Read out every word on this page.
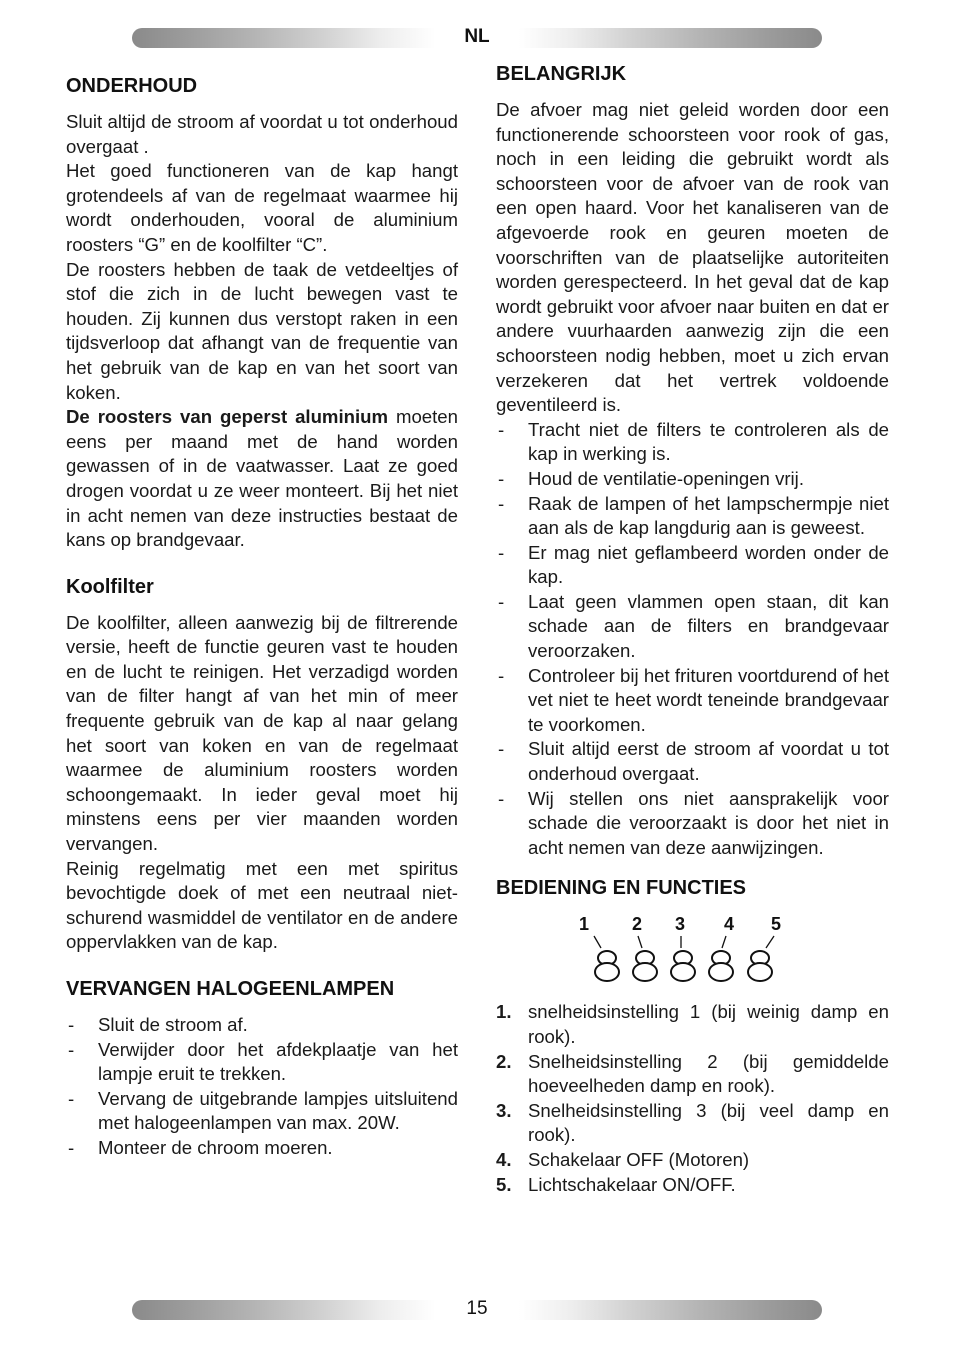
NL
15
ONDERHOUD

Sluit altijd de stroom af voordat u tot onderhoud overgaat .

Het goed functioneren van de kap hangt grotendeels af van de regelmaat waarmee hij wordt onderhouden, vooral de aluminium roosters “G” en de koolfilter “C”.

De roosters hebben de taak de vetdeeltjes of stof die zich in de lucht bewegen vast te houden. Zij kunnen dus verstopt raken in een tijdsverloop dat afhangt van de frequentie van het gebruik van de kap en van het soort van koken.

De roosters van geperst aluminium moeten eens per maand met de hand worden gewassen of in de vaatwasser. Laat ze goed drogen voordat u ze weer monteert. Bij het niet in acht nemen van deze instructies bestaat de kans op brandgevaar.

Koolfilter

De koolfilter, alleen aanwezig bij de filtrerende versie, heeft de functie geuren vast te houden en de lucht te reinigen. Het verzadigd worden van de filter hangt af van het min of meer frequente gebruik van de kap al naar gelang het soort van koken en van de regelmaat waarmee de aluminium roosters worden schoongemaakt. In ieder geval moet hij minstens eens per vier maanden worden vervangen.

Reinig regelmatig met een met spiritus bevochtigde doek of met een neutraal niet-schurend wasmiddel de ventilator en de andere oppervlakken van de kap.

VERVANGEN HALOGEENLAMPEN
- Sluit de stroom af.
- Verwijder door het afdekplaatje van het lampje eruit te trekken.
- Vervang de uitgebrande lampjes uitsluitend met halogeenlampen van max. 20W.
- Monteer de chroom moeren.
BELANGRIJK

De afvoer mag niet geleid worden door een functionerende schoorsteen voor rook of gas, noch in een leiding die gebruikt wordt als schoorsteen voor de afvoer van de rook van een open haard. Voor het kanaliseren van de afgevoerde rook en geuren moeten de voorschriften van de plaatselijke autoriteiten worden gerespecteerd. In het geval dat de kap wordt gebruikt voor afvoer naar buiten en dat er andere vuurhaarden aanwezig zijn die een schoorsteen nodig hebben, moet u zich ervan verzekeren dat het vertrek voldoende geventileerd is.

- Tracht niet de filters te controleren als de kap in werking is.
- Houd de ventilatie-openingen vrij.
- Raak de lampen of het lampschermpje niet aan als de kap langdurig aan is geweest.
- Er mag niet geflambeerd worden onder de kap.
- Laat geen vlammen open staan, dit kan schade aan de filters en brandgevaar veroorzaken.
- Controleer bij het frituren voortdurend of het vet niet te heet wordt teneinde brandgevaar te voorkomen.
- Sluit altijd eerst de stroom af voordat u tot onderhoud overgaat.
- Wij stellen ons niet aansprakelijk voor schade die veroorzaakt is door het niet in acht nemen van deze aanwijzingen.
BEDIENING EN FUNCTIES
1 2 3 4 5
1. snelheidsinstelling 1 (bij weinig damp en rook).
2. Snelheidsinstelling 2 (bij gemiddelde hoeveelheden damp en rook).
3. Snelheidsinstelling 3 (bij veel damp en rook).
4. Schakelaar OFF (Motoren)
5. Lichtschakelaar ON/OFF.
